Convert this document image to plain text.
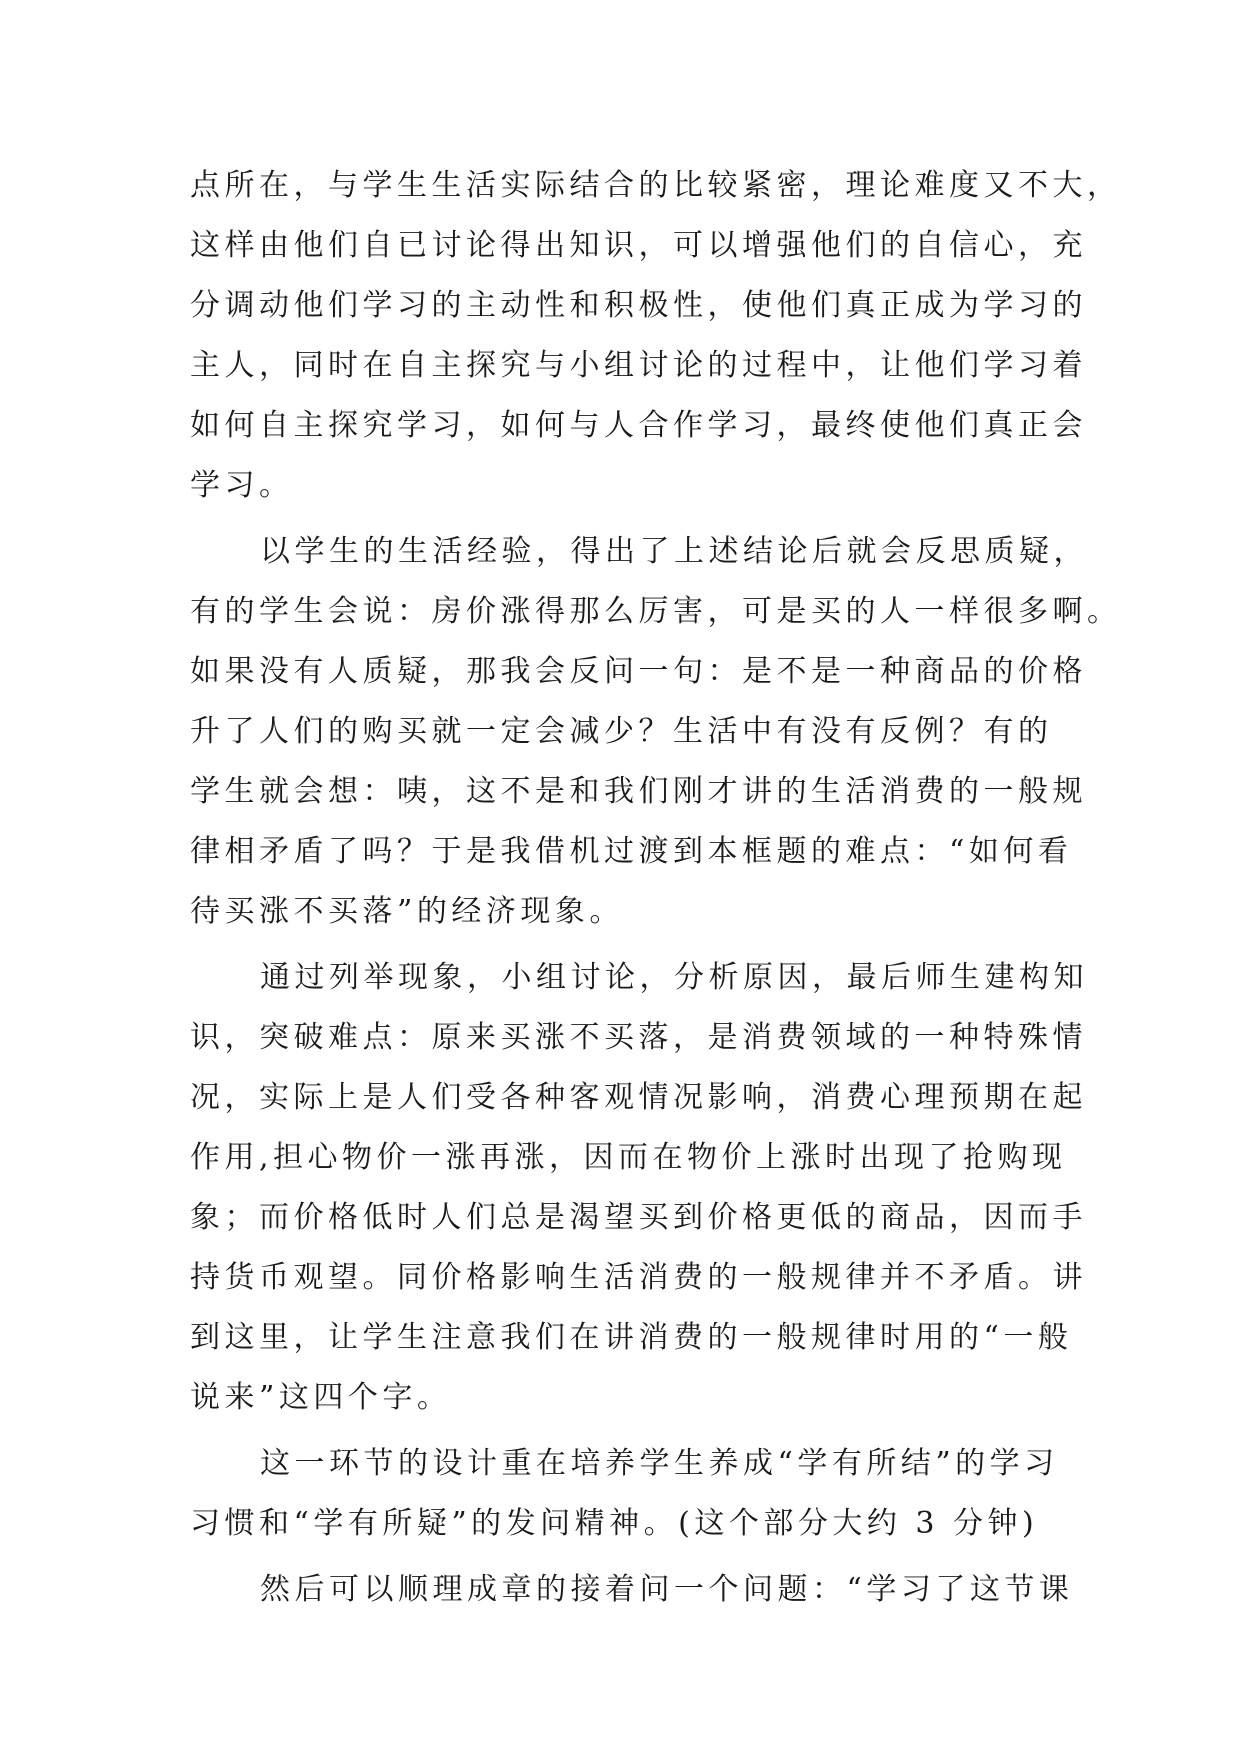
点所在，与学生生活实际结合的比较紧密，理论难度又不大，
这样由他们自已讨论得出知识，可以增强他们的自信心，充
分调动他们学习的主动性和积极性，使他们真正成为学习的
主人，同时在自主探究与小组讨论的过程中，让他们学习着
如何自主探究学习，如何与人合作学习，最终使他们真正会
学习。
以学生的生活经验，得出了上述结论后就会反思质疑，
有的学生会说：房价涨得那么厉害，可是买的人一样很多啊。
如果没有人质疑，那我会反问一句：是不是一种商品的价格
升了人们的购买就一定会减少？生活中有没有反例？有的
学生就会想：咦，这不是和我们刚才讲的生活消费的一般规
律相矛盾了吗？于是我借机过渡到本框题的难点：“如何看
待买涨不买落”的经济现象。
通过列举现象，小组讨论，分析原因，最后师生建构知
识，突破难点：原来买涨不买落，是消费领域的一种特殊情
况，实际上是人们受各种客观情况影响，消费心理预期在起
作用,担心物价一涨再涨，因而在物价上涨时出现了抢购现
象；而价格低时人们总是渴望买到价格更低的商品，因而手
持货币观望。同价格影响生活消费的一般规律并不矛盾。讲
到这里，让学生注意我们在讲消费的一般规律时用的“一般
说来”这四个字。
这一环节的设计重在培养学生养成“学有所结”的学习
习惯和“学有所疑”的发问精神。(这个部分大约 3 分钟)
然后可以顺理成章的接着问一个问题：“学习了这节课
